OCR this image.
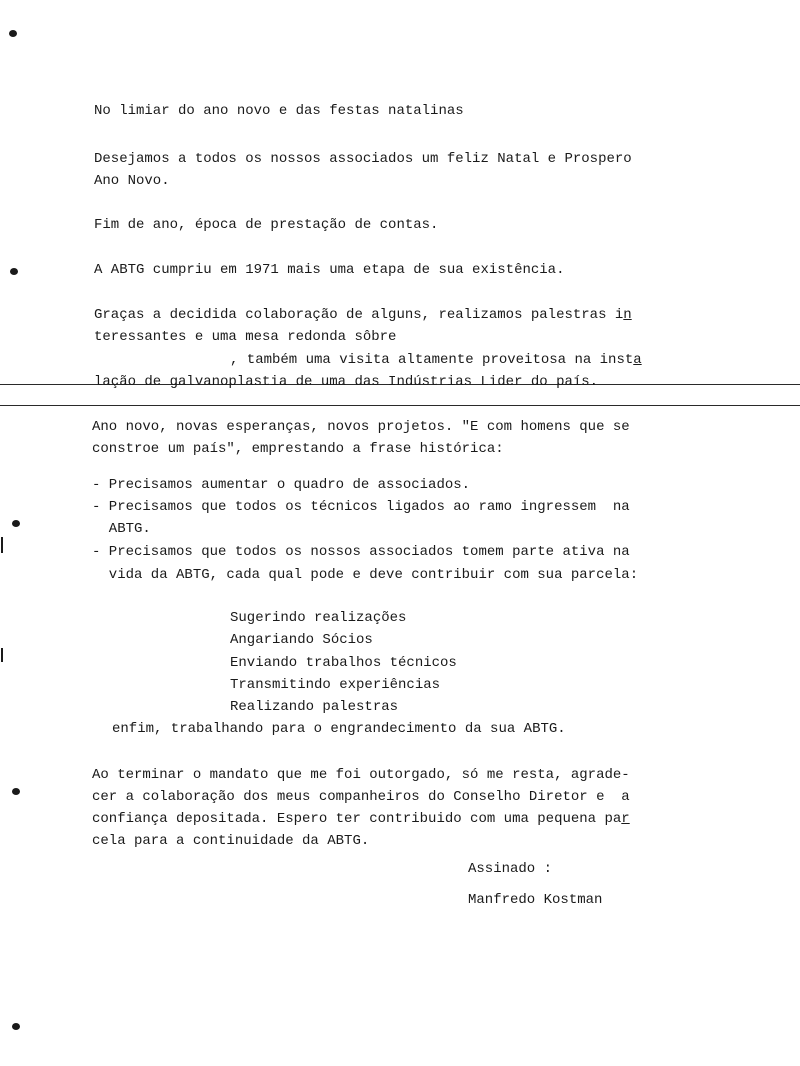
No limiar do ano novo e das festas natalinas
Desejamos a todos os nossos associados um feliz Natal e Prospero
Ano Novo.
Fim de ano, época de prestação de contas.
A ABTG cumpriu em 1971 mais uma etapa de sua existência.
Graças a decidida colaboração de alguns, realizamos palestras in
teressantes e uma mesa redonda sôbre
, também uma visita altamente proveitosa na insta
lação de galvanoplastia de uma das Indústrias Lider do país.
Ano novo, novas esperanças, novos projetos. "E com homens que se
constroe um país", emprestando a frase histórica:
- Precisamos aumentar o quadro de associados.
- Precisamos que todos os técnicos ligados ao ramo ingressem  na
ABTG.
- Precisamos que todos os nossos associados tomem parte ativa na
vida da ABTG, cada qual pode e deve contribuir com sua parcela:
Sugerindo realizações
Angariando Sócios
Enviando trabalhos técnicos
Transmitindo experiências
Realizando palestras
enfim, trabalhando para o engrandecimento da sua ABTG.
Ao terminar o mandato que me foi outorgado, só me resta, agrade-
cer a colaboração dos meus companheiros do Conselho Diretor e  a
confiança depositada. Espero ter contribuido com uma pequena par
cela para a continuidade da ABTG.
Assinado :
Manfredo Kostman
